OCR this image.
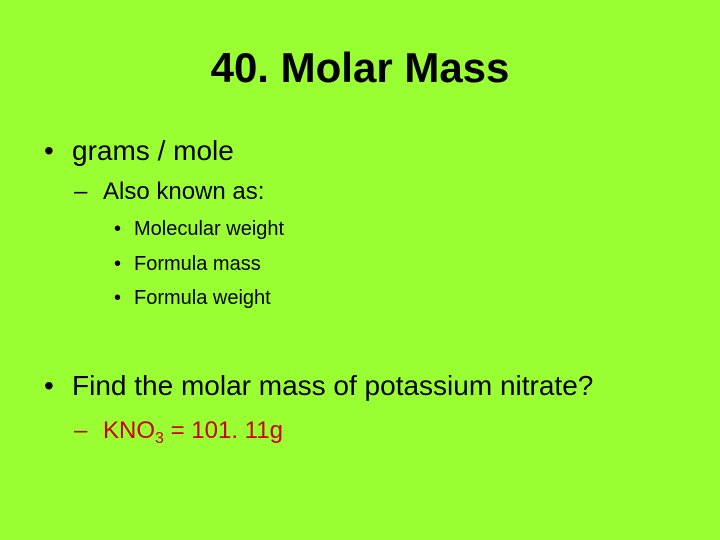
40. Molar Mass
• grams / mole
– Also known as:
• Molecular weight
• Formula mass
• Formula weight
• Find the molar mass of potassium nitrate?
– $KNO_3 = 101$. 11g
